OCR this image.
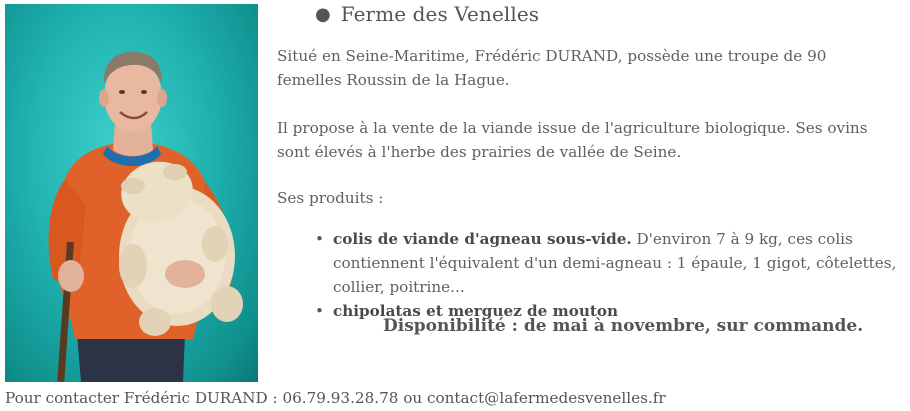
● Ferme des Venelles

Situé en Seine-Maritime, Frédéric DURAND, possède une troupe de 90 femelles Roussin de la Hague.

Il propose à la vente de la viande issue de l'agriculture biologique. Ses ovins sont élevés à l'herbe des prairies de vallée de Seine.

Ses produits :

• colis de viande d'agneau sous-vide. D'environ 7 à 9 kg, ces colis contiennent l'équivalent d'un demi-agneau : 1 épaule, 1 gigot, côtelettes, collier, poitrine...
• chipolatas et merguez de mouton
Disponibilité : de mai à novembre, sur commande.
Pour contacter Frédéric DURAND : 06.79.93.28.78 ou contact@lafermedesvenelles.fr
